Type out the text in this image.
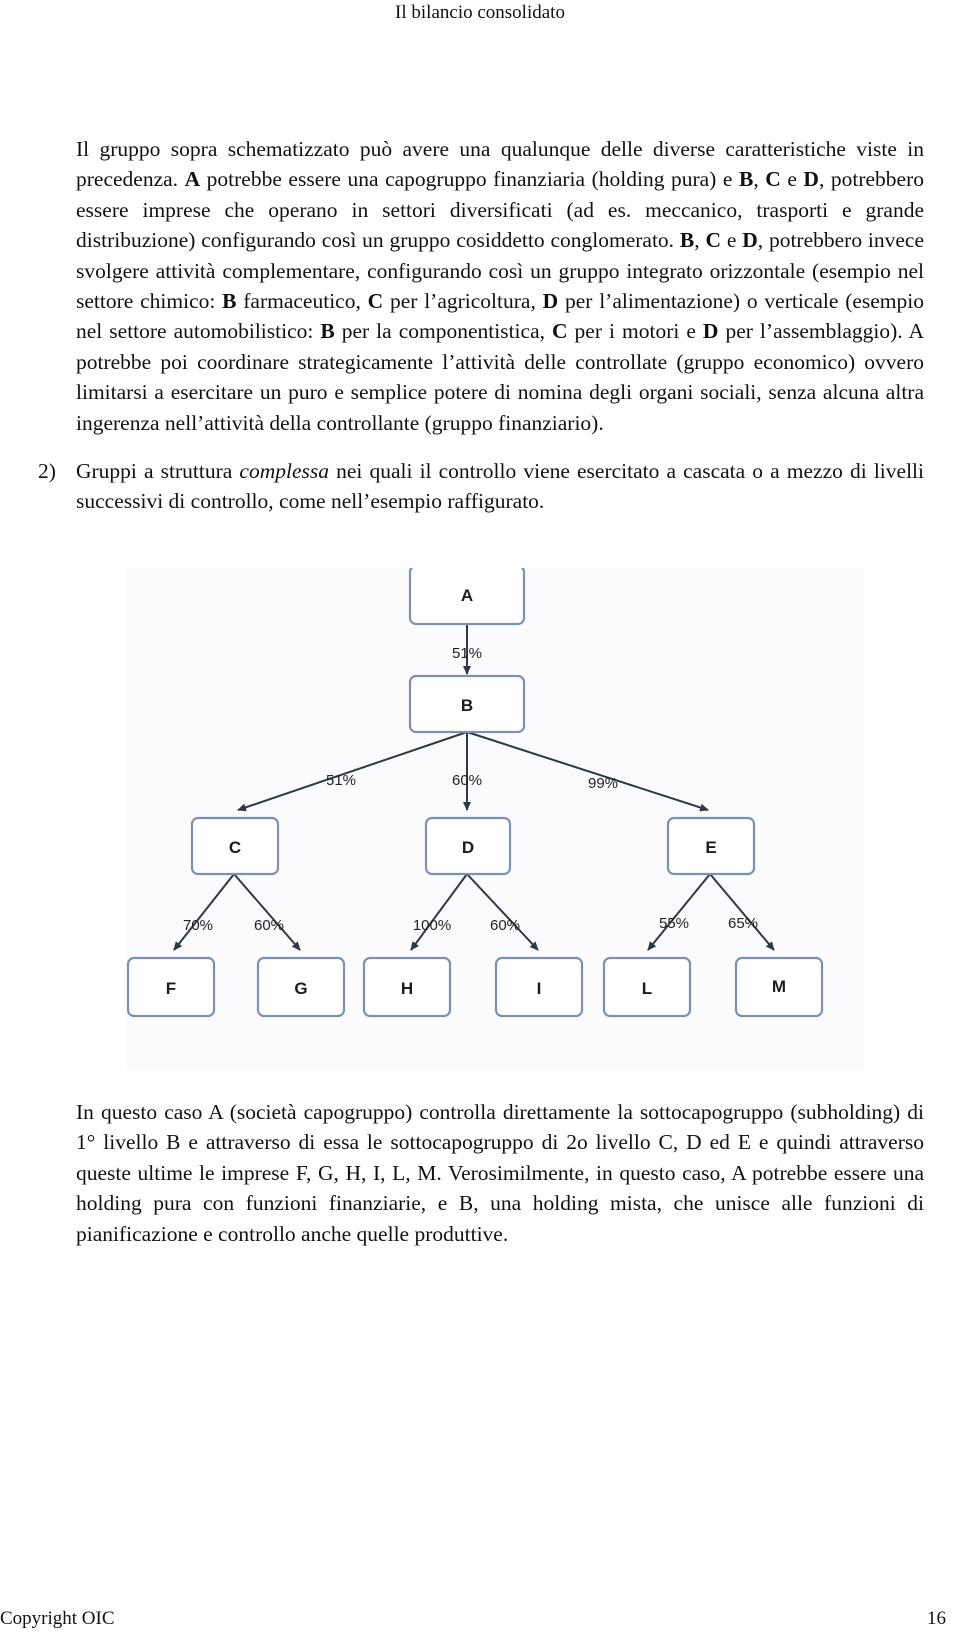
Il bilancio consolidato

Il gruppo sopra schematizzato può avere una qualunque delle diverse caratteristiche viste in precedenza. A potrebbe essere una capogruppo finanziaria (holding pura) e B, C e D, potrebbero essere imprese che operano in settori diversificati (ad es. meccanico, trasporti e grande distribuzione) configurando così un gruppo cosiddetto conglomerato. B, C e D, potrebbero invece svolgere attività complementare, configurando così un gruppo integrato orizzontale (esempio nel settore chimico: B farmaceutico, C per l’agricoltura, D per l’alimentazione) o verticale (esempio nel settore automobilistico: B per la componentistica, C per i motori e D per l’assemblaggio). A potrebbe poi coordinare strategicamente l’attività delle controllate (gruppo economico) ovvero limitarsi a esercitare un puro e semplice potere di nomina degli organi sociali, senza alcuna altra ingerenza nell’attività della controllante (gruppo finanziario).

2) Gruppi a struttura complessa nei quali il controllo viene esercitato a cascata o a mezzo di livelli successivi di controllo, come nell’esempio raffigurato.

51%
51%	60%	99%
70%	60%	100%	60%	55%	65%
A
B
C	D	E
F	G	H	I	L	M

In questo caso A (società capogruppo) controlla direttamente la sottocapogruppo (subholding) di 1° livello B e attraverso di essa le sottocapogruppo di 2o livello C, D ed E e quindi attraverso queste ultime le imprese F, G, H, I, L, M. Verosimilmente, in questo caso, A potrebbe essere una holding pura con funzioni finanziarie, e B, una holding mista, che unisce alle funzioni di pianificazione e controllo anche quelle produttive.

Copyright OIC	16
